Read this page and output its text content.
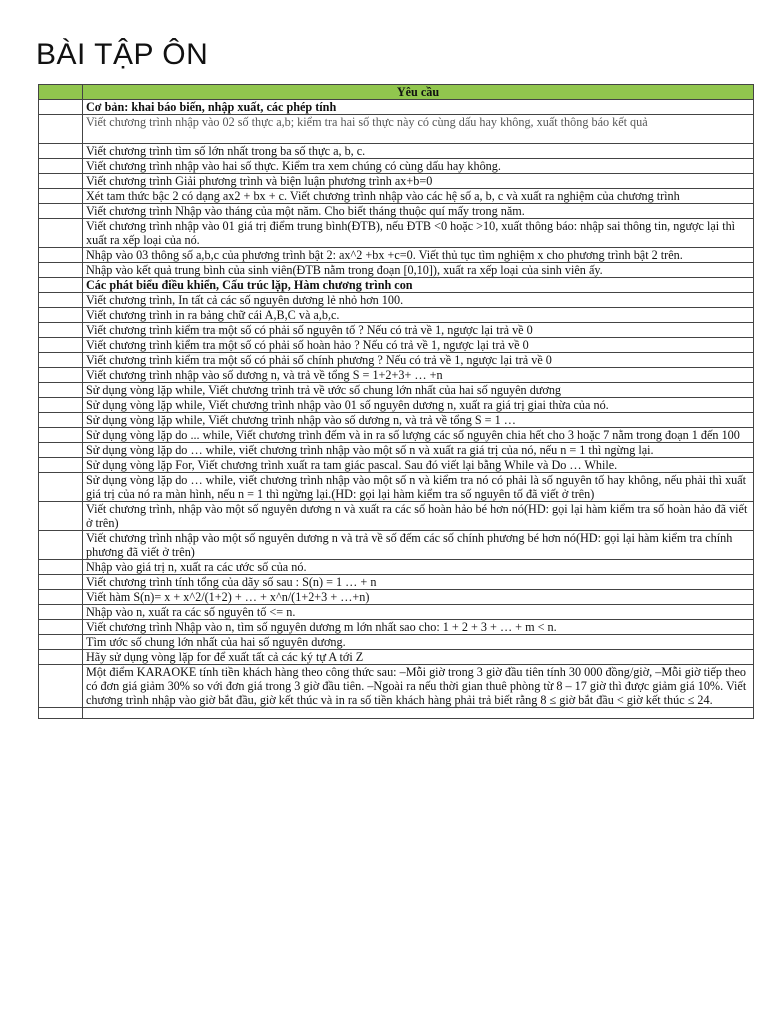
BÀI TẬP ÔN
	Yêu cầu
	Cơ bản: khai báo biến, nhập xuất, các phép tính
	Viết chương trình nhập vào 02 số thực a,b; kiểm tra hai số thực này có cùng dấu hay không, xuất thông báo kết quả
	Viết chương trình tìm số lớn nhất trong ba số thực a, b, c.
	Viết chương trình nhập vào hai số thực. Kiểm tra xem chúng có cùng dấu hay không.
	Viết chương trình Giải phương trình và biện luận phương trình ax+b=0
	Xét tam thức bậc 2 có dạng ax2 + bx + c. Viết chương trình nhập vào các hệ số a, b, c và xuất ra nghiệm của chương trình
	Viết chương trình Nhập vào tháng của một năm. Cho biết tháng thuộc quí mấy trong năm.
	Viết chương trình nhập vào 01 giá trị điểm trung bình(ĐTB), nếu ĐTB <0 hoặc >10, xuất thông báo: nhập sai thông tin, ngược lại thì xuất ra xếp loại của nó.
	Nhập vào 03 thông số a,b,c của phương trình bật 2: ax^2 +bx +c=0. Viết thủ tục tìm nghiệm x cho phương trình bật 2 trên.
	Nhập vào kết quả trung bình của sinh viên(ĐTB nằm trong đoạn [0,10]), xuất ra xếp loại của sinh viên ấy.
	Các phát biểu điều khiển, Cấu trúc lặp, Hàm chương trình con
	Viết chương trình, In tất cả các số nguyên dương lẻ nhỏ hơn 100.
	Viết chương trình in ra bảng chữ cái A,B,C và a,b,c.
	Viết chương trình kiểm tra một số có phải số nguyên tố ? Nếu có trả về 1, ngược lại trả về 0
	Viết chương trình kiểm tra một số có phải số hoàn hảo ? Nếu có trả về 1, ngược lại trả về 0
	Viết chương trình kiểm tra một số có phải số chính phương ? Nếu có trả về 1, ngược lại trả về 0
	Viết chương trình nhập vào số dương n, và trả về tổng S = 1+2+3+ … +n
	Sử dụng vòng lặp while, Viết chương trình trả về ước số chung lớn nhất của hai số nguyên dương
	Sử dụng vòng lặp while, Viết chương trình nhập vào 01 số nguyên dương n, xuất ra giá trị giai thừa của nó.
	Sử dụng vòng lặp while, Viết chương trình nhập vào số dương n, và trả về tổng S = 1 …
	Sử dụng vòng lặp do ... while, Viết chương trình đếm và in ra số lượng các số nguyên chia hết cho 3 hoặc 7 nằm trong đoạn 1 đến 100
	Sử dụng vòng lặp do … while, viết chương trình nhập vào một số n và xuất ra giá trị của nó, nếu n = 1 thì ngừng lại.
	Sử dụng vòng lặp For, Viết chương trình xuất ra tam giác pascal. Sau đó viết lại bằng While và Do … While.
	Sử dụng vòng lặp do … while, viết chương trình nhập vào một số n và kiểm tra nó có phải là số nguyên tố hay không, nếu phải thì xuất giá trị của nó ra màn hình, nếu n = 1 thì ngừng lại.(HD: gọi lại hàm kiểm tra số nguyên tố đã viết ở trên)
	Viết chương trình, nhập vào một số nguyên dương n và xuất ra các số hoàn hảo bé hơn nó(HD: gọi lại hàm kiểm tra số hoàn hảo đã viết ở trên)
	Viết chương trình nhập vào một số nguyên dương n và trả về số đếm các số chính phương bé hơn nó(HD: gọi lại hàm kiểm tra chính phương đã viết ở trên)
	Nhập vào giá trị n, xuất ra các ước số của nó.
	Viết chương trình tính tổng của dãy số sau : S(n) = 1 … + n
	Viết hàm S(n)= x + x^2/(1+2) + … + x^n/(1+2+3 + …+n)
	Nhập vào n, xuất ra các số nguyên tố <= n.
	Viết chương trình Nhập vào n, tìm số nguyên dương m lớn nhất sao cho: 1 + 2 + 3 + … + m < n.
	Tìm ước số chung lớn nhất của hai số nguyên dương.
	Hãy sử dụng vòng lặp for để xuất tất cả các ký tự A tới Z
	Một điểm KARAOKE tính tiền khách hàng theo công thức sau: –Mỗi giờ trong 3 giờ đầu tiên tính 30 000 đồng/giờ, –Mỗi giờ tiếp theo có đơn giá giảm 30% so với đơn giá trong 3 giờ đầu tiên. –Ngoài ra nếu thời gian thuê phòng từ 8 – 17 giờ thì được giảm giá 10%. Viết chương trình nhập vào giờ bắt đầu, giờ kết thúc và in ra số tiền khách hàng phải trả biết rằng 8 ≤ giờ bắt đầu < giờ kết thúc ≤ 24.
